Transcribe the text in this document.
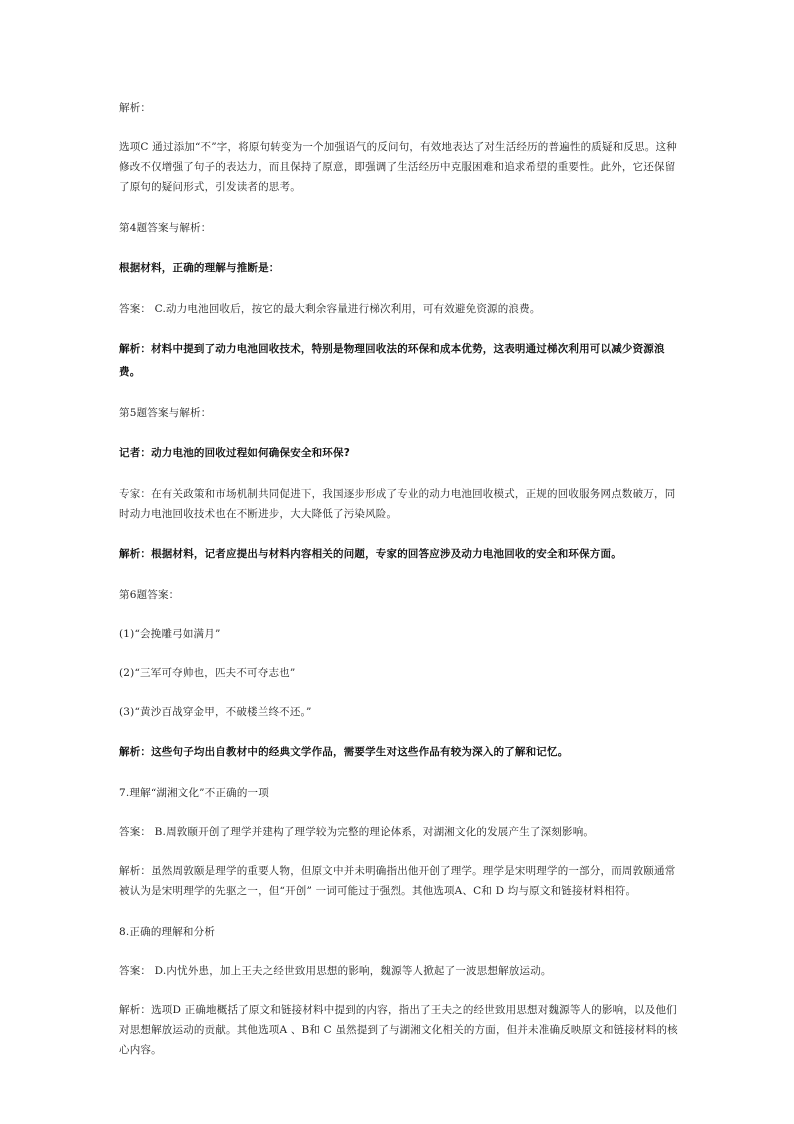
解析：

选项C 通过添加“不”字，将原句转变为一个加强语气的反问句，有效地表达了对生活经历的普遍性的质疑和反思。这种修改不仅增强了句子的表达力，而且保持了原意，即强调了生活经历中克服困难和追求希望的重要性。此外，它还保留了原句的疑问形式，引发读者的思考。

第4题答案与解析：

根据材料，正确的理解与推断是：

答案： C.动力电池回收后，按它的最大剩余容量进行梯次利用，可有效避免资源的浪费。

解析：材料中提到了动力电池回收技术，特别是物理回收法的环保和成本优势，这表明通过梯次利用可以减少资源浪费。

第5题答案与解析：

记者：动力电池的回收过程如何确保安全和环保?

专家：在有关政策和市场机制共同促进下，我国逐步形成了专业的动力电池回收模式，正规的回收服务网点数破万，同时动力电池回收技术也在不断进步，大大降低了污染风险。

解析：根据材料，记者应提出与材料内容相关的问题，专家的回答应涉及动力电池回收的安全和环保方面。

第6题答案：

(1)“会挽雕弓如满月”

(2)“三军可夺帅也，匹夫不可夺志也”

(3)“黄沙百战穿金甲，不破楼兰终不还。”

解析：这些句子均出自教材中的经典文学作品，需要学生对这些作品有较为深入的了解和记忆。

7.理解“湖湘文化”不正确的一项

答案： B.周敦颐开创了理学并建构了理学较为完整的理论体系，对湖湘文化的发展产生了深刻影响。

解析：虽然周敦颐是理学的重要人物，但原文中并未明确指出他开创了理学。理学是宋明理学的一部分，而周敦颐通常被认为是宋明理学的先驱之一，但“开创” 一词可能过于强烈。其他选项A、C和 D 均与原文和链接材料相符。

8.正确的理解和分析

答案： D.内忧外患，加上王夫之经世致用思想的影响，魏源等人掀起了一波思想解放运动。

解析：选项D 正确地概括了原文和链接材料中提到的内容，指出了王夫之的经世致用思想对魏源等人的影响，以及他们对思想解放运动的贡献。其他选项A 、B和 C 虽然提到了与湖湘文化相关的方面，但并未准确反映原文和链接材料的核心内容。
